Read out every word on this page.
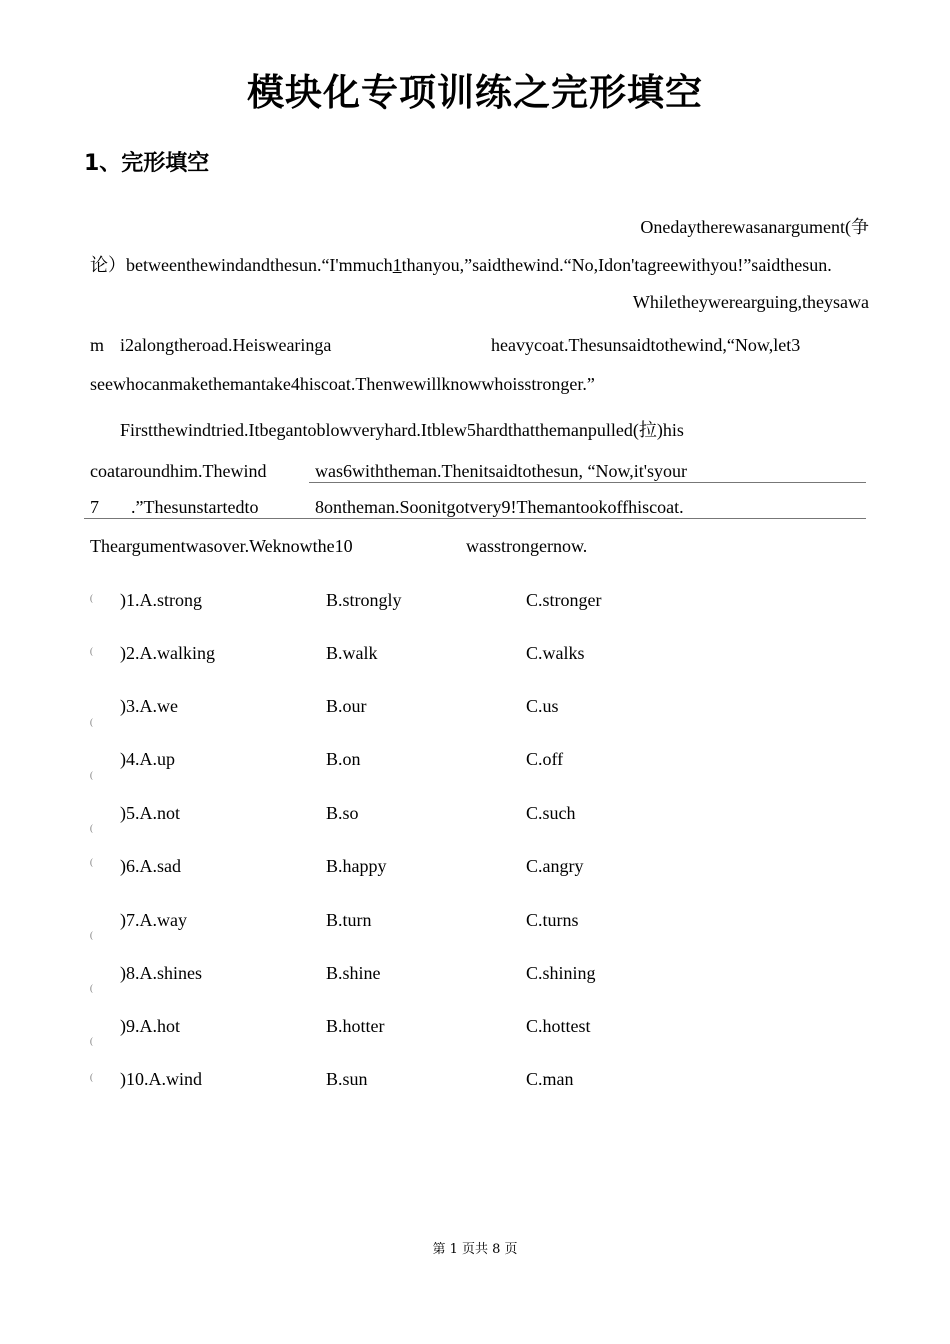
模块化专项训练之完形填空
1、完形填空
Onedaytherewasanargument(争
论）betweenthewindandthesun.“I'mmuch1thanyou,”saidthewind.“No,Idon'tagreewithyou!”saidthesun.
Whiletheywerearguing,theysawa
m i2alongtheroad.Heiswearinga	heavycoat.Thesunsaidtothewind,“Now,let3
seewhocanmakethemantake4hiscoat.Thenwewillknowwhoisstronger.”
Firstthewindtried.Itbegantoblowveryhard.Itblew5hardthatthemanpulled(拉)his
coataroundhim.Thewind	was6withtheman.Thenitsaidtothesun, “Now,it'syour
7 .”Thesunstartedto	8ontheman.Soonitgotvery9!Themantookoffhiscoat.
Theargumentwasover.Weknowthe10	wasstrongernow.
( )1.A.strong	B.strongly	C.stronger
( )2.A.walking	B.walk	C.walks
(
)3.A.we	B.our	C.us
(
)4.A.up	B.on	C.off
(
)5.A.not	B.so	C.such
( )6.A.sad	B.happy	C.angry
(
)7.A.way	B.turn	C.turns
(
)8.A.shines	B.shine	C.shining
(
)9.A.hot	B.hotter	C.hottest
( )10.A.wind	B.sun	C.man
第 1 页共 8 页
